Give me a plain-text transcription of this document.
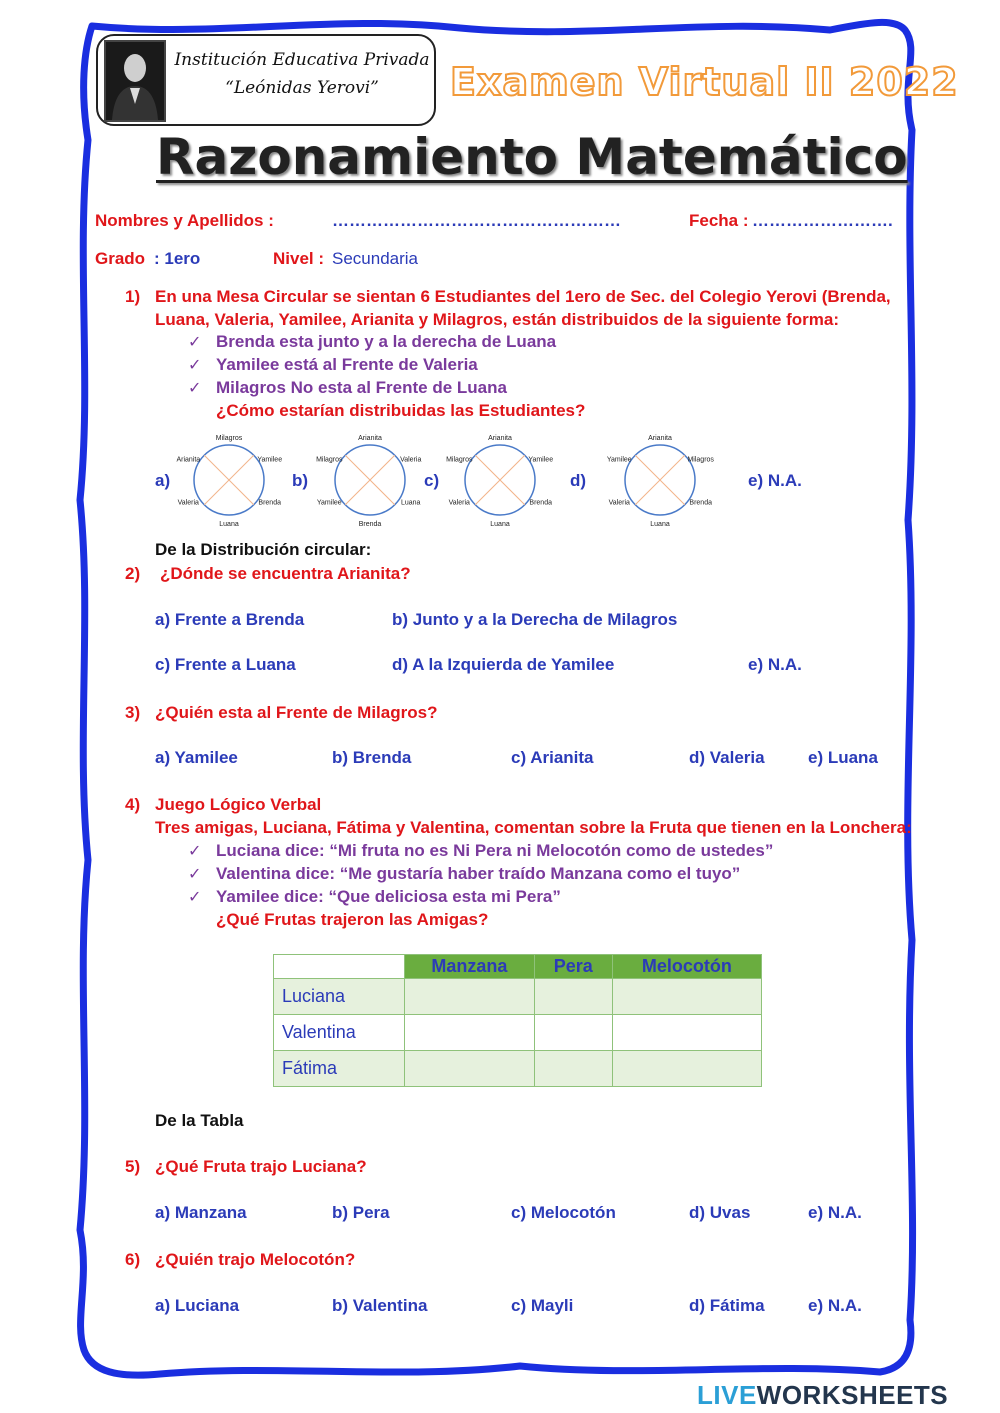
Institución Educativa Privada
“Leónidas Yerovi”	Examen Virtual II 2022
Razonamiento Matemático
Nombres y Apellidos :	……………………………………………	Fecha : …………………….
Grado : 1ero	Nivel : Secundaria
1) En una Mesa Circular se sientan 6 Estudiantes del 1ero de Sec. del Colegio Yerovi (Brenda,
Luana, Valeria, Yamilee, Arianita y Milagros, están distribuidos de la siguiente forma:
✓ Brenda esta junto y a la derecha de Luana
✓ Yamilee está al Frente de Valeria
✓ Milagros No esta al Frente de Luana
¿Cómo estarían distribuidas las Estudiantes?
a)	b)	c)	d)	e) N.A.
Milagros
Yamilee
Brenda
Luana
Valeria
Arianita
Arianita
Valeria
Luana
Brenda
Yamilee
Milagros
Arianita
Yamilee
Brenda
Luana
Valeria
Milagros
Arianita
Milagros
Brenda
Luana
Valeria
Yamilee
De la Distribución circular:
2) ¿Dónde se encuentra Arianita?
a) Frente a Brenda	b) Junto y a la Derecha de Milagros
c) Frente a Luana	d) A la Izquierda de Yamilee	e) N.A.
3) ¿Quién esta al Frente de Milagros?
a) Yamilee	b) Brenda	c) Arianita	d) Valeria	e) Luana
4) Juego Lógico Verbal
Tres amigas, Luciana, Fátima y Valentina, comentan sobre la Fruta que tienen en la Lonchera:
✓ Luciana dice: “Mi fruta no es Ni Pera ni Melocotón como de ustedes”
✓ Valentina dice: “Me gustaría haber traído Manzana como el tuyo”
✓ Yamilee dice: “Que deliciosa esta mi Pera”
¿Qué Frutas trajeron las Amigas?
	Manzana	Pera	Melocotón
Luciana			
Valentina			
Fátima			
De la Tabla
5) ¿Qué Fruta trajo Luciana?
a) Manzana	b) Pera	c) Melocotón	d) Uvas	e) N.A.
6) ¿Quién trajo Melocotón?
a) Luciana	b) Valentina	c) Mayli	d) Fátima	e) N.A.
LIVEWORKSHEETS
